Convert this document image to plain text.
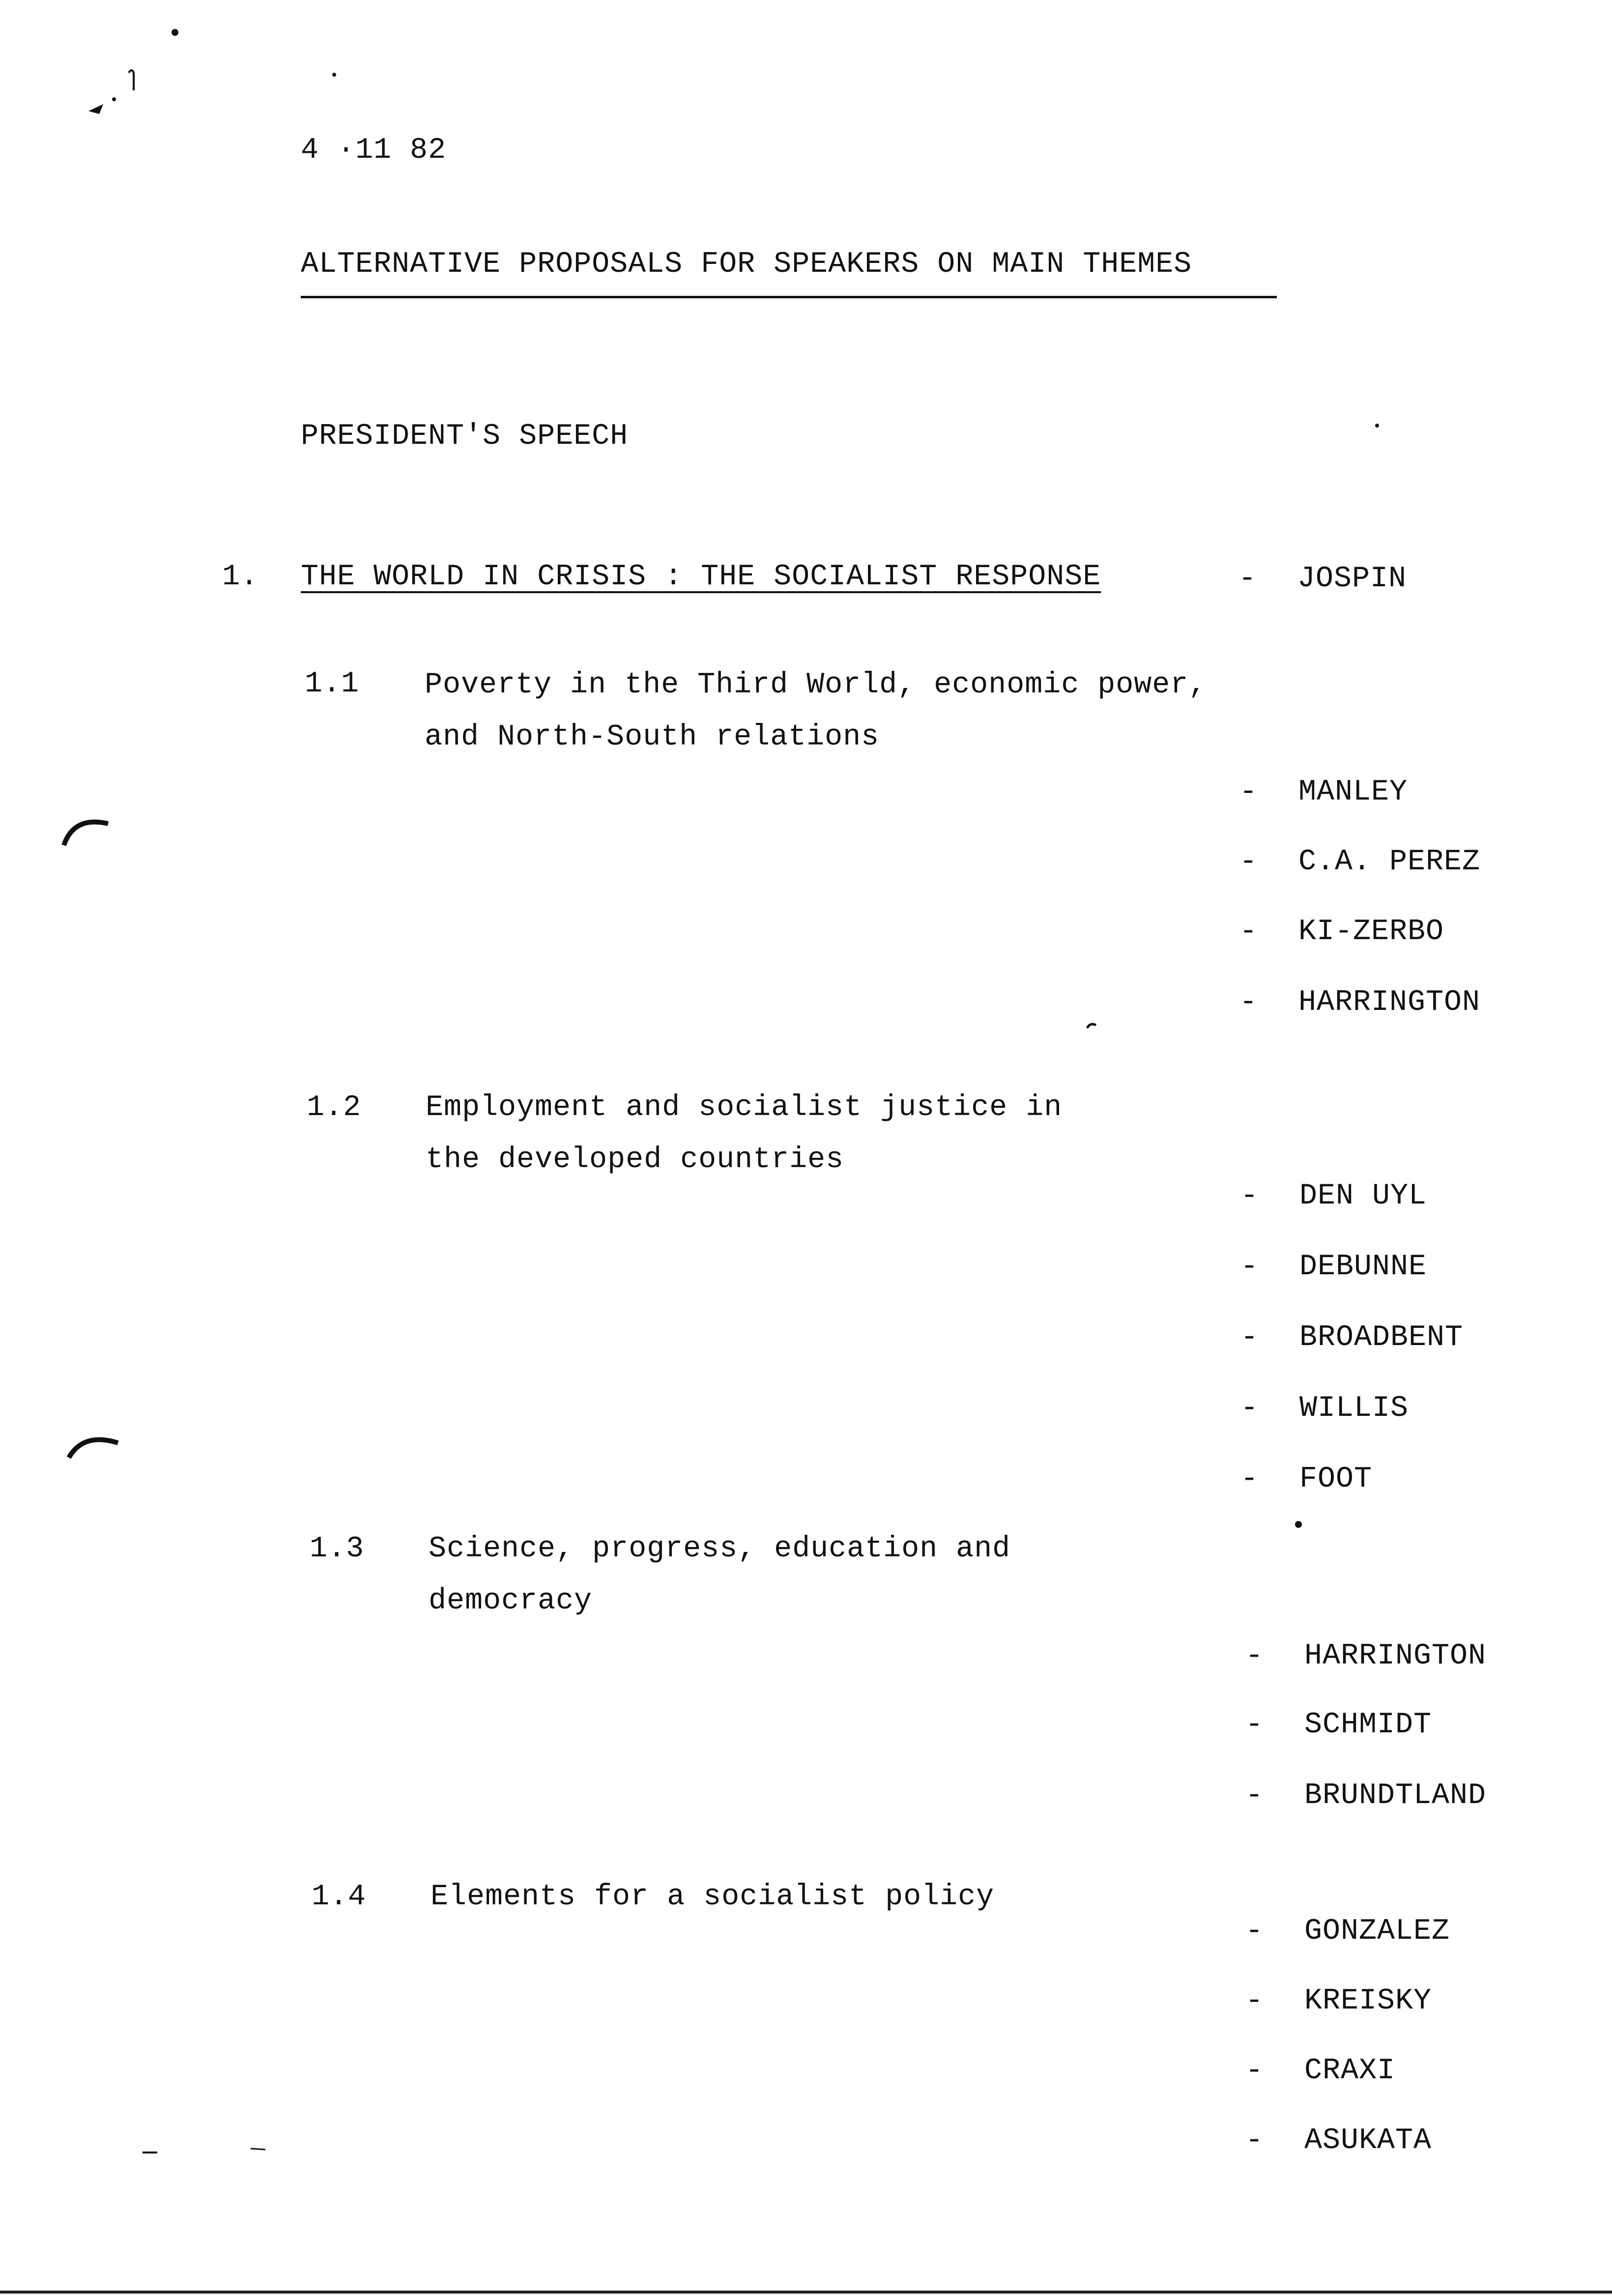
4 ·11 82
ALTERNATIVE PROPOSALS FOR SPEAKERS ON MAIN THEMES
PRESIDENT'S SPEECH
1. THE WORLD IN CRISIS : THE SOCIALIST RESPONSE	- JOSPIN
1.1 Poverty in the Third World, economic power,
and North-South relations
- MANLEY
- C.A. PEREZ
- KI-ZERBO
- HARRINGTON
1.2 Employment and socialist justice in
the developed countries
- DEN UYL
- DEBUNNE
- BROADBENT
- WILLIS
- FOOT
1.3 Science, progress, education and
democracy
- HARRINGTON
- SCHMIDT
- BRUNDTLAND
1.4 Elements for a socialist policy
- GONZALEZ
- KREISKY
- CRAXI
- ASUKATA
